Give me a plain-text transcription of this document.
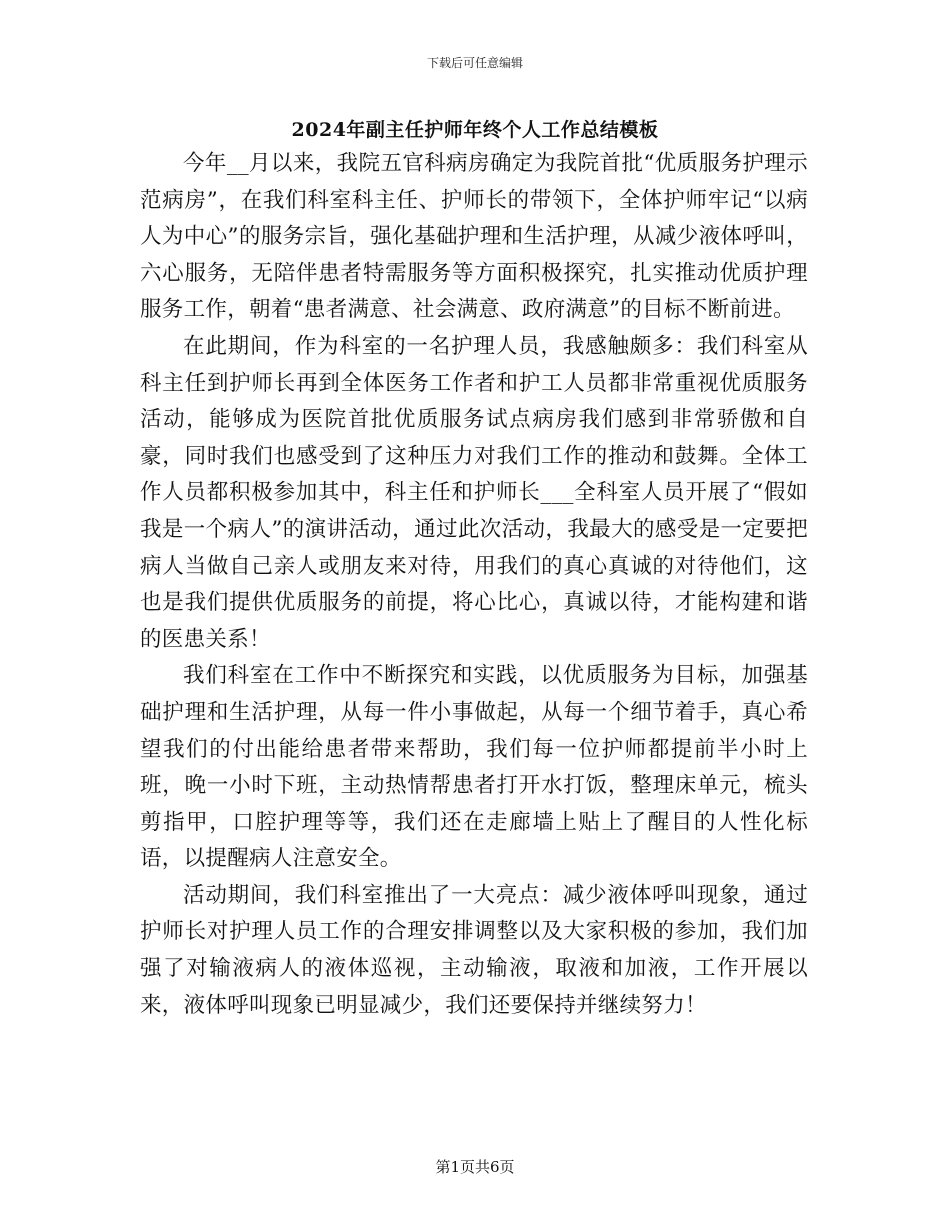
下载后可任意编辑
2024年副主任护师年终个人工作总结模板

今年__月以来，我院五官科病房确定为我院首批“优质服务护理示范病房”，在我们科室科主任、护师长的带领下，全体护师牢记“以病人为中心”的服务宗旨，强化基础护理和生活护理，从减少液体呼叫，六心服务，无陪伴患者特需服务等方面积极探究，扎实推动优质护理服务工作，朝着“患者满意、社会满意、政府满意”的目标不断前进。

在此期间，作为科室的一名护理人员，我感触颇多：我们科室从科主任到护师长再到全体医务工作者和护工人员都非常重视优质服务活动，能够成为医院首批优质服务试点病房我们感到非常骄傲和自豪，同时我们也感受到了这种压力对我们工作的推动和鼓舞。全体工作人员都积极参加其中，科主任和护师长___全科室人员开展了“假如我是一个病人”的演讲活动，通过此次活动，我最大的感受是一定要把病人当做自己亲人或朋友来对待，用我们的真心真诚的对待他们，这也是我们提供优质服务的前提，将心比心，真诚以待，才能构建和谐的医患关系！

我们科室在工作中不断探究和实践，以优质服务为目标，加强基础护理和生活护理，从每一件小事做起，从每一个细节着手，真心希望我们的付出能给患者带来帮助，我们每一位护师都提前半小时上班，晚一小时下班，主动热情帮患者打开水打饭，整理床单元，梳头剪指甲，口腔护理等等，我们还在走廊墙上贴上了醒目的人性化标语，以提醒病人注意安全。

活动期间，我们科室推出了一大亮点：减少液体呼叫现象，通过护师长对护理人员工作的合理安排调整以及大家积极的参加，我们加强了对输液病人的液体巡视，主动输液，取液和加液，工作开展以来，液体呼叫现象已明显减少，我们还要保持并继续努力！

第1页共6页
